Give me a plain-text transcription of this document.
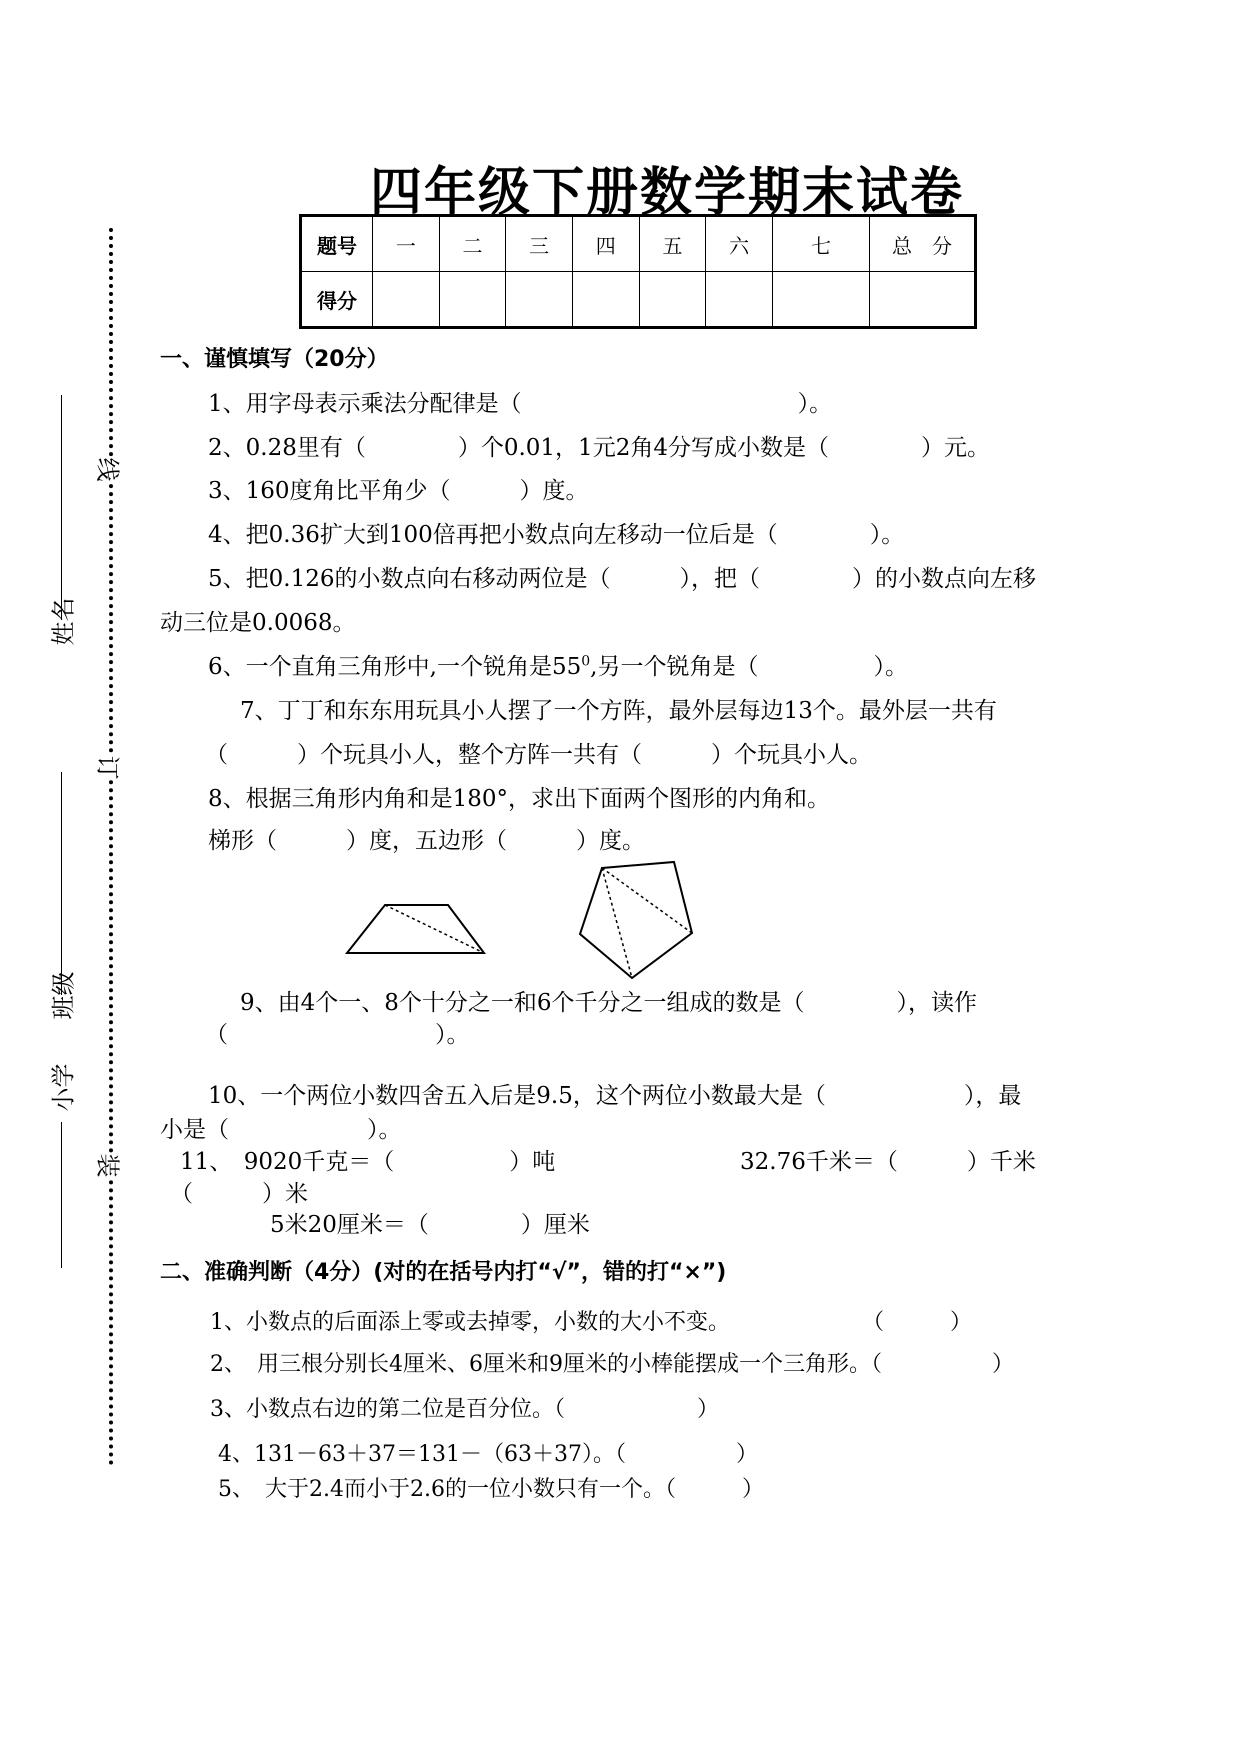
四年级下册数学期末试卷
题号	一	二	三	四	五	六	七	总　分
得分								
线
订
装
姓名
班级
小学
一、谨慎填写（20分）
1、用字母表示乘法分配律是（　　　　　　　　　　　　）。
2、0.28里有（　　　　）个0.01，1元2角4分写成小数是（　　　　）元。
3、160度角比平角少（　　　）度。
4、把0.36扩大到100倍再把小数点向左移动一位后是（　　　　）。
5、把0.126的小数点向右移动两位是（　　　），把（　　　　）的小数点向左移
动三位是0.0068。
6、一个直角三角形中,一个锐角是$55^0$,另一个锐角是（　　　　　）。
7、丁丁和东东用玩具小人摆了一个方阵，最外层每边13个。最外层一共有
（　　　）个玩具小人，整个方阵一共有（　　　）个玩具小人。
8、根据三角形内角和是180°，求出下面两个图形的内角和。
梯形（　　　）度，五边形（　　　）度。
9、由4个一、8个十分之一和6个千分之一组成的数是（　　　　），读作
（　　　　　　　　　）。
10、一个两位小数四舍五入后是9.5，这个两位小数最大是（　　　　　　），最
小是（　　　　　　）。
11、　9020千克＝（　　　　　）吨	32.76千米＝（　　　）千米
（　　　）米
5米20厘米＝（　　　　）厘米
二、准确判断（4分）(对的在括号内打“√”，错的打“×”)
1、小数点的后面添上零或去掉零，小数的大小不变。　　　　　　　（　　　）
2、　用三根分别长4厘米、6厘米和9厘米的小棒能摆成一个三角形。（　　　　　）
3、小数点右边的第二位是百分位。（　　　　　　）
4、131－63＋37＝131－（63＋37）。（　　　　　）
5、　大于2.4而小于2.6的一位小数只有一个。（　　　）
